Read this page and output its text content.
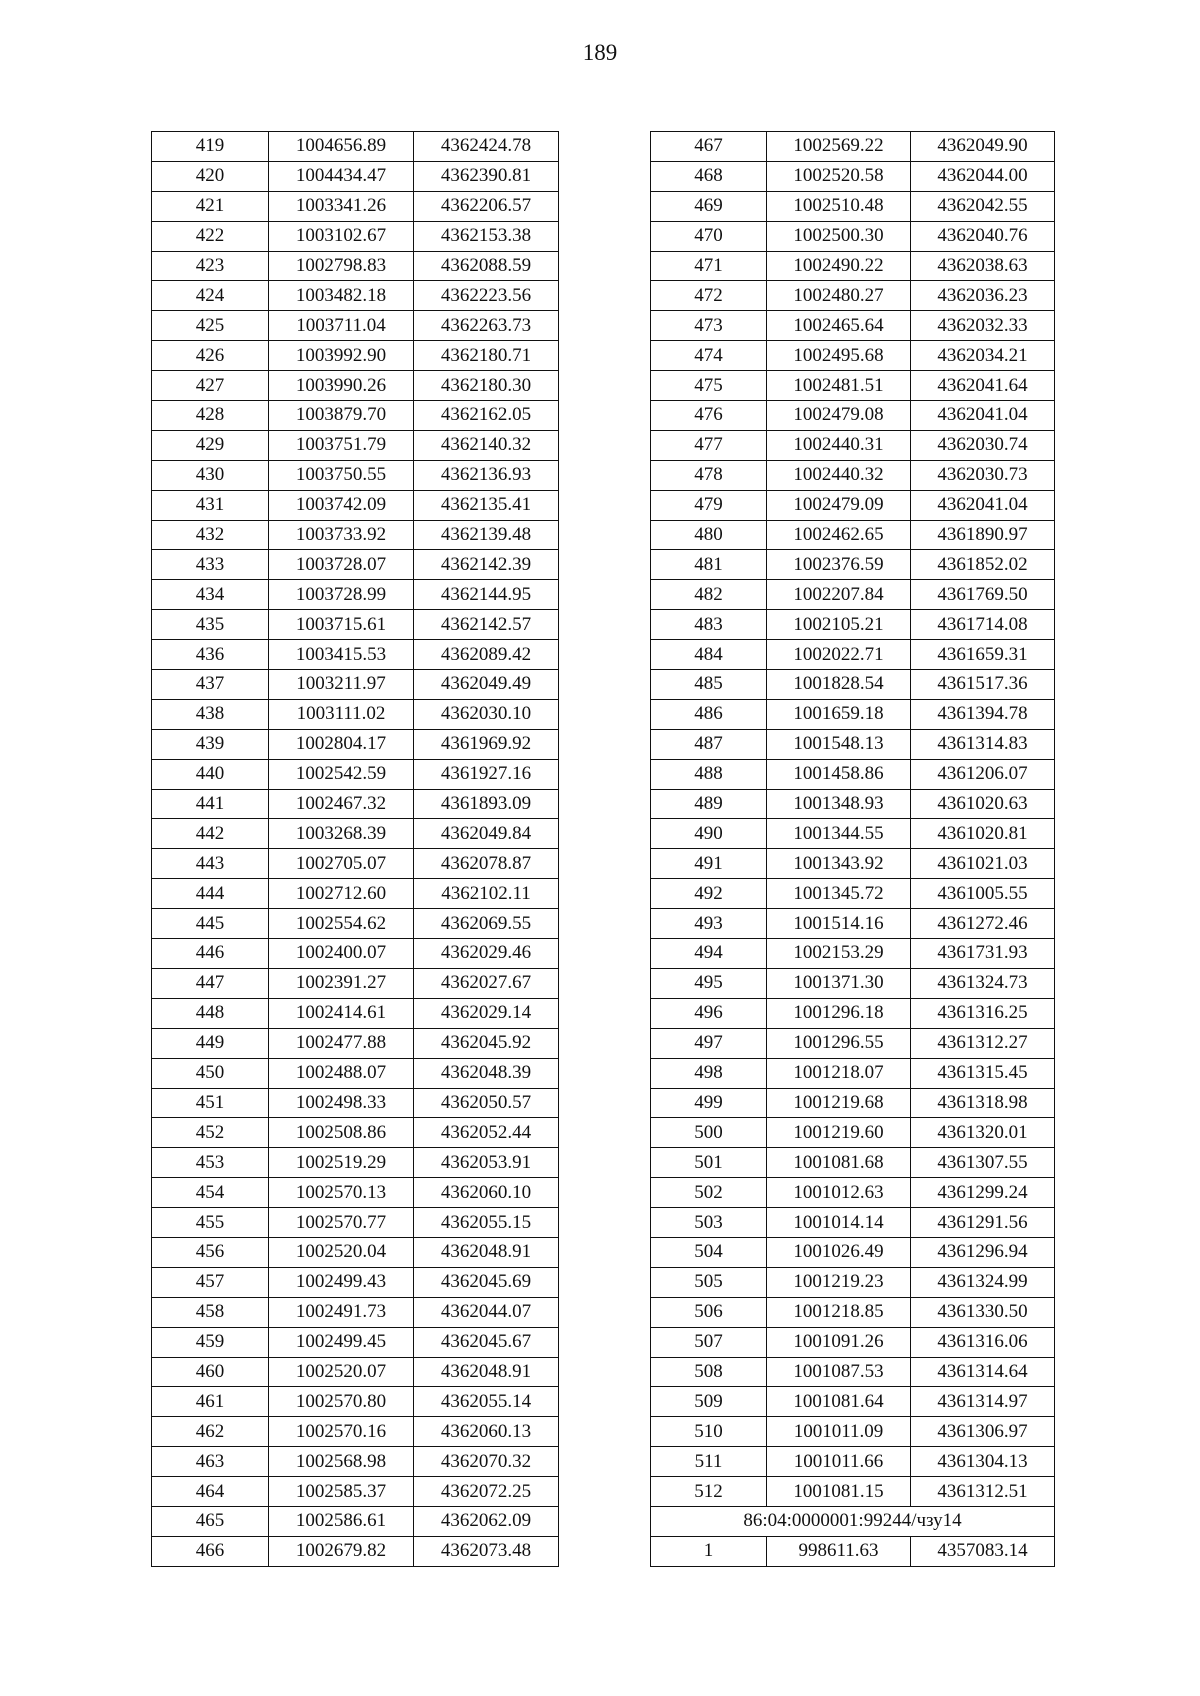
189
419	1004656.89	4362424.78
420	1004434.47	4362390.81
421	1003341.26	4362206.57
422	1003102.67	4362153.38
423	1002798.83	4362088.59
424	1003482.18	4362223.56
425	1003711.04	4362263.73
426	1003992.90	4362180.71
427	1003990.26	4362180.30
428	1003879.70	4362162.05
429	1003751.79	4362140.32
430	1003750.55	4362136.93
431	1003742.09	4362135.41
432	1003733.92	4362139.48
433	1003728.07	4362142.39
434	1003728.99	4362144.95
435	1003715.61	4362142.57
436	1003415.53	4362089.42
437	1003211.97	4362049.49
438	1003111.02	4362030.10
439	1002804.17	4361969.92
440	1002542.59	4361927.16
441	1002467.32	4361893.09
442	1003268.39	4362049.84
443	1002705.07	4362078.87
444	1002712.60	4362102.11
445	1002554.62	4362069.55
446	1002400.07	4362029.46
447	1002391.27	4362027.67
448	1002414.61	4362029.14
449	1002477.88	4362045.92
450	1002488.07	4362048.39
451	1002498.33	4362050.57
452	1002508.86	4362052.44
453	1002519.29	4362053.91
454	1002570.13	4362060.10
455	1002570.77	4362055.15
456	1002520.04	4362048.91
457	1002499.43	4362045.69
458	1002491.73	4362044.07
459	1002499.45	4362045.67
460	1002520.07	4362048.91
461	1002570.80	4362055.14
462	1002570.16	4362060.13
463	1002568.98	4362070.32
464	1002585.37	4362072.25
465	1002586.61	4362062.09
466	1002679.82	4362073.48
467	1002569.22	4362049.90
468	1002520.58	4362044.00
469	1002510.48	4362042.55
470	1002500.30	4362040.76
471	1002490.22	4362038.63
472	1002480.27	4362036.23
473	1002465.64	4362032.33
474	1002495.68	4362034.21
475	1002481.51	4362041.64
476	1002479.08	4362041.04
477	1002440.31	4362030.74
478	1002440.32	4362030.73
479	1002479.09	4362041.04
480	1002462.65	4361890.97
481	1002376.59	4361852.02
482	1002207.84	4361769.50
483	1002105.21	4361714.08
484	1002022.71	4361659.31
485	1001828.54	4361517.36
486	1001659.18	4361394.78
487	1001548.13	4361314.83
488	1001458.86	4361206.07
489	1001348.93	4361020.63
490	1001344.55	4361020.81
491	1001343.92	4361021.03
492	1001345.72	4361005.55
493	1001514.16	4361272.46
494	1002153.29	4361731.93
495	1001371.30	4361324.73
496	1001296.18	4361316.25
497	1001296.55	4361312.27
498	1001218.07	4361315.45
499	1001219.68	4361318.98
500	1001219.60	4361320.01
501	1001081.68	4361307.55
502	1001012.63	4361299.24
503	1001014.14	4361291.56
504	1001026.49	4361296.94
505	1001219.23	4361324.99
506	1001218.85	4361330.50
507	1001091.26	4361316.06
508	1001087.53	4361314.64
509	1001081.64	4361314.97
510	1001011.09	4361306.97
511	1001011.66	4361304.13
512	1001081.15	4361312.51
86:04:0000001:99244/чзу14		
1	998611.63	4357083.14
